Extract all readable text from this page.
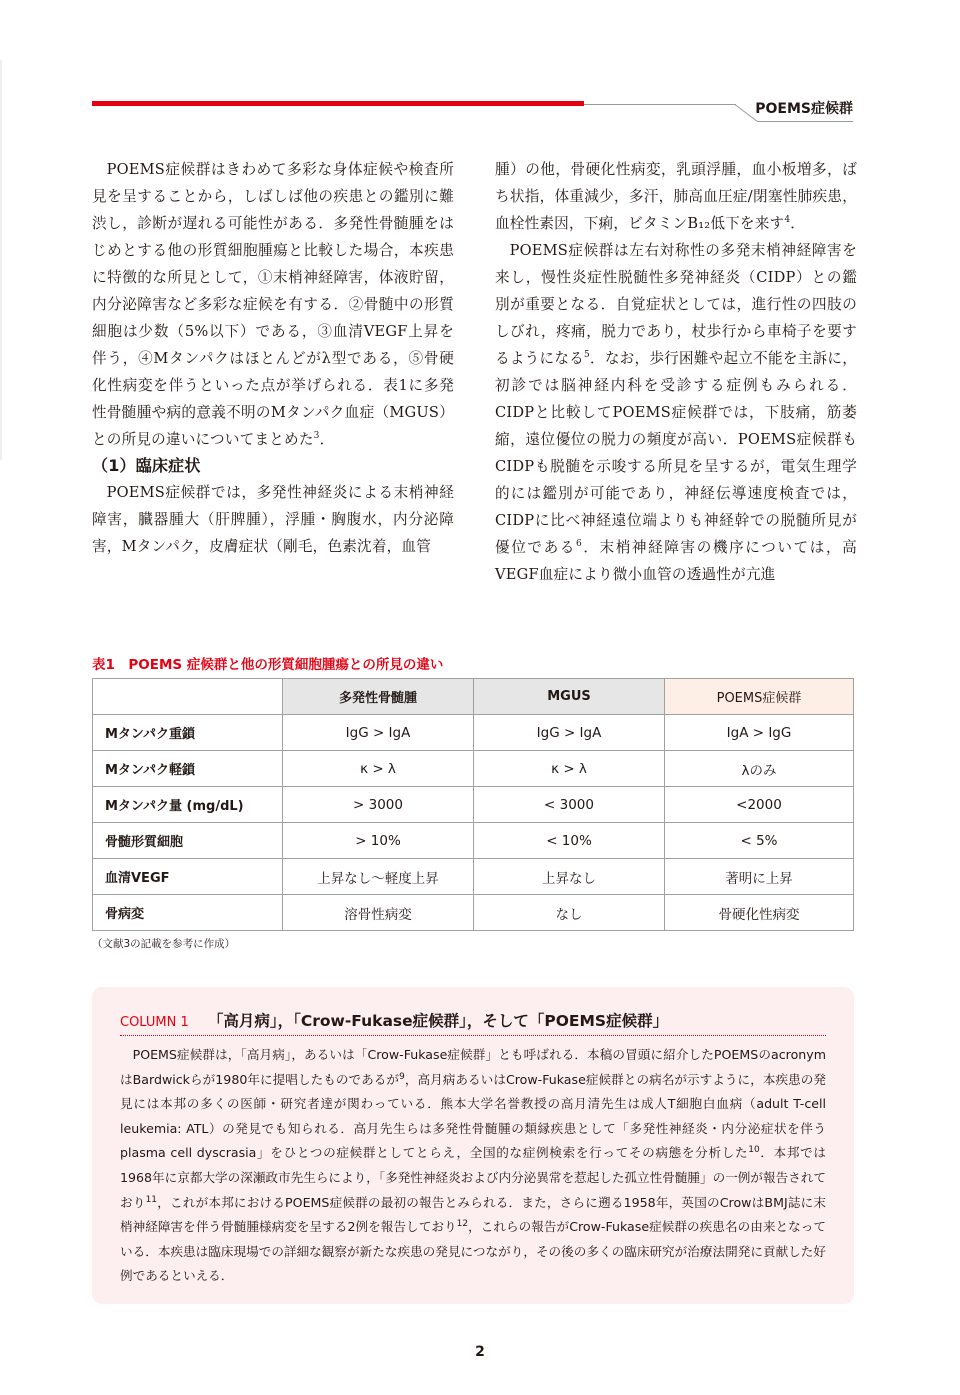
POEMS症候群

POEMS症候群はきわめて多彩な身体症候や検査所見を呈することから，しばしば他の疾患との鑑別に難渋し，診断が遅れる可能性がある．多発性骨髄腫をはじめとする他の形質細胞腫瘍と比較した場合，本疾患に特徴的な所見として，①末梢神経障害，体液貯留，内分泌障害など多彩な症候を有する．②骨髄中の形質細胞は少数（5%以下）である，③血清VEGF上昇を伴う，④Mタンパクはほとんどがλ型である，⑤骨硬化性病変を伴うといった点が挙げられる．表1に多発性骨髄腫や病的意義不明のMタンパク血症（MGUS）との所見の違いについてまとめた$^3$．

（1）臨床症状

POEMS症候群では，多発性神経炎による末梢神経障害，臓器腫大（肝脾腫），浮腫・胸腹水，内分泌障害，Mタンパク，皮膚症状（剛毛，色素沈着，血管

腫）の他，骨硬化性病変，乳頭浮腫，血小板増多，ばち状指，体重減少，多汗，肺高血圧症/閉塞性肺疾患，血栓性素因，下痢，ビタミンB₁₂低下を来す$^4$．

POEMS症候群は左右対称性の多発末梢神経障害を来し，慢性炎症性脱髄性多発神経炎（CIDP）との鑑別が重要となる．自覚症状としては，進行性の四肢のしびれ，疼痛，脱力であり，杖歩行から車椅子を要するようになる$^5$．なお，歩行困難や起立不能を主訴に，初診では脳神経内科を受診する症例もみられる．CIDPと比較してPOEMS症候群では，下肢痛，筋萎縮，遠位優位の脱力の頻度が高い．POEMS症候群もCIDPも脱髄を示唆する所見を呈するが，電気生理学的には鑑別が可能であり，神経伝導速度検査では，CIDPに比べ神経遠位端よりも神経幹での脱髄所見が優位である$^6$．末梢神経障害の機序については，高VEGF血症により微小血管の透過性が亢進

表1　POEMS 症候群と他の形質細胞腫瘍との所見の違い
	多発性骨髄腫	MGUS	POEMS症候群
Mタンパク重鎖	IgG > IgA	IgG > IgA	IgA > IgG
Mタンパク軽鎖	κ > λ	κ > λ	λのみ
Mタンパク量 (mg/dL)	> 3000	< 3000	<2000
骨髄形質細胞	> 10%	< 10%	< 5%
血清VEGF	上昇なし～軽度上昇	上昇なし	著明に上昇
骨病変	溶骨性病変	なし	骨硬化性病変
（文献3の記載を参考に作成）
COLUMN 1 「高月病」，「Crow-Fukase症候群」，そして「POEMS症候群」
POEMS症候群は，「高月病」，あるいは「Crow-Fukase症候群」とも呼ばれる．本稿の冒頭に紹介したPOEMSのacronymはBardwickらが1980年に提唱したものであるが$^9$，高月病あるいはCrow-Fukase症候群との病名が示すように，本疾患の発見には本邦の多くの医師・研究者達が関わっている．熊本大学名誉教授の高月清先生は成人T細胞白血病（adult T-cell leukemia: ATL）の発見でも知られる．高月先生らは多発性骨髄腫の類縁疾患として「多発性神経炎・内分泌症状を伴うplasma cell dyscrasia」をひとつの症候群としてとらえ，全国的な症例検索を行ってその病態を分析した$^{10}$．本邦では1968年に京都大学の深瀬政市先生らにより，「多発性神経炎および内分泌異常を惹起した孤立性骨髄腫」の一例が報告されており$^{11}$，これが本邦におけるPOEMS症候群の最初の報告とみられる．また，さらに遡る1958年，英国のCrowはBMJ誌に末梢神経障害を伴う骨髄腫様病変を呈する2例を報告しており$^{12}$，これらの報告がCrow-Fukase症候群の疾患名の由来となっている．本疾患は臨床現場での詳細な観察が新たな疾患の発見につながり，その後の多くの臨床研究が治療法開発に貢献した好例であるといえる．
2
